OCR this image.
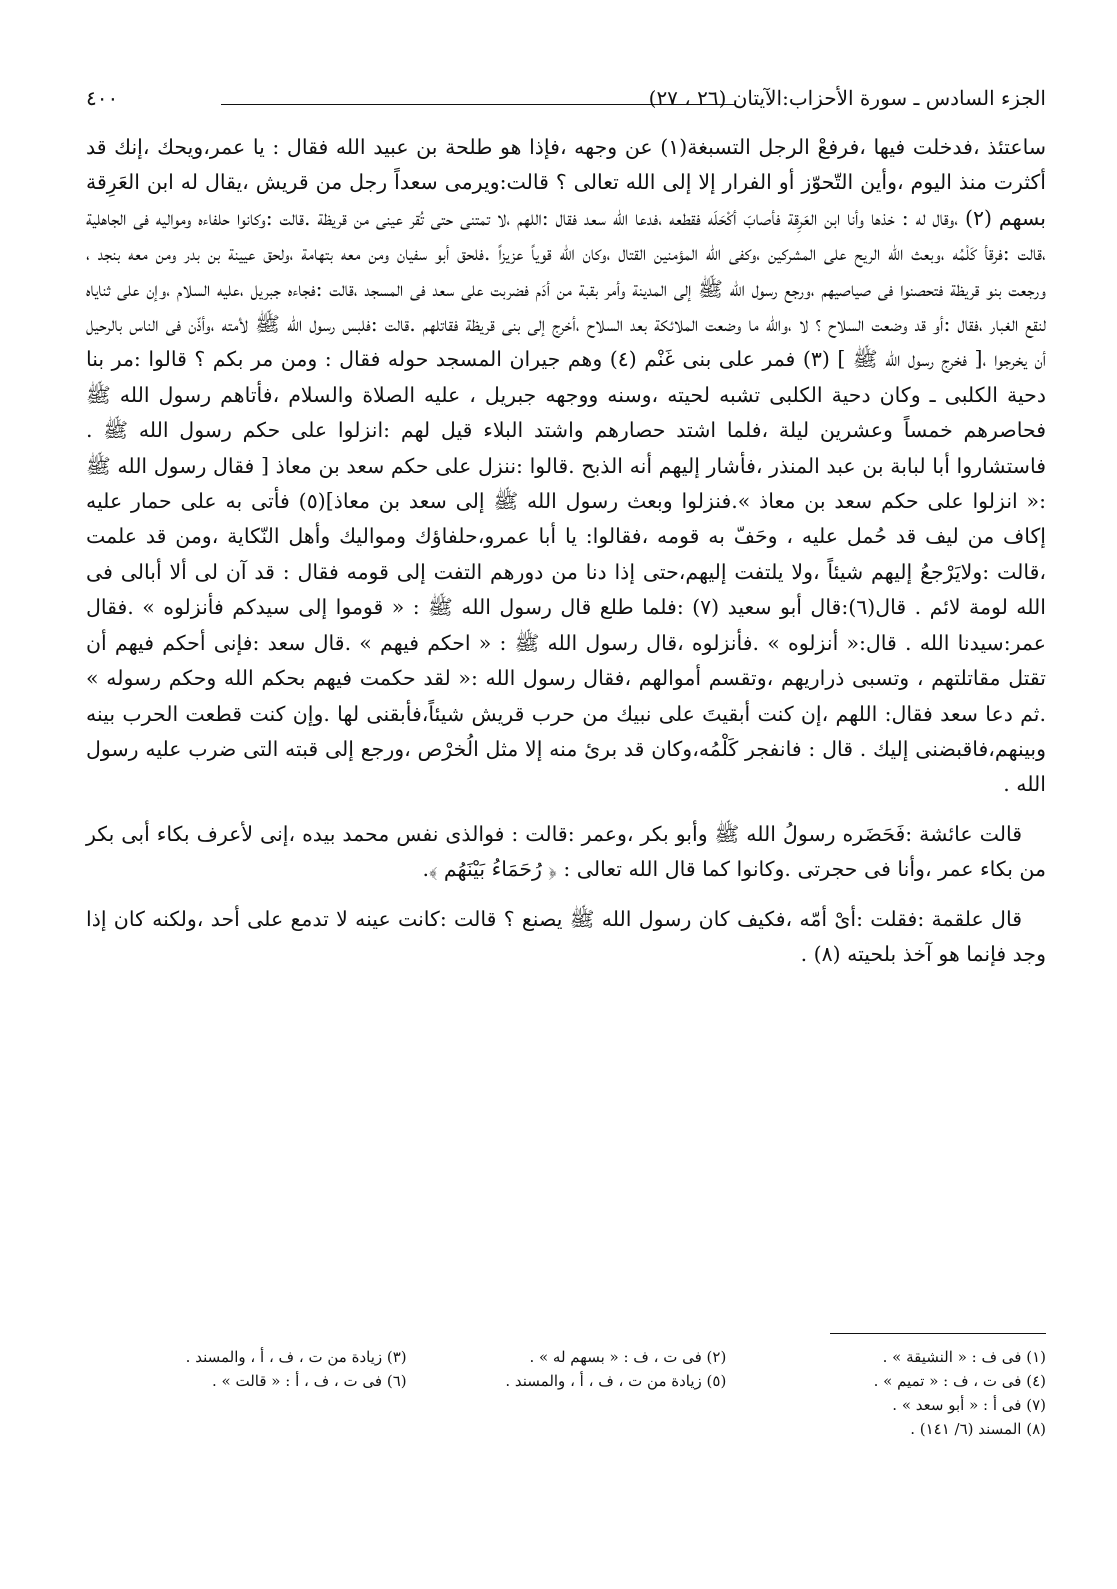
الجزء السادس ـ سورة الأحزاب:الآيتان (٢٦ ، ٢٧)
٤٠٠

ساعتئذ ،فدخلت فيها ،فرفعْ الرجل التسبغة(١) عن وجهه ،فإذا هو طلحة بن عبيد الله فقال : يا عمر،ويحك ،إنك قد أكثرت منذ اليوم ،وأين التّحوّز أو الفرار إلا إلى الله تعالى ؟ قالت:ويرمى سعداً رجل من قريش ،يقال له ابن العَرِقة بسهم (٢) ،وقال له : خذها وأنا ابن العَرِقة فأصابَ أكْحَلَه فقطعه ،فدعا الله سعد فقال :اللهم ،لا تمتنى حتى تُقر عينى من قريظة .قالت :وكانوا حلفاءه ومواليه فى الجاهلية ،قالت :فرقأ كَلْمُه ،وبعث الله الريح على المشركين ،وكفى الله المؤمنين القتال ،وكان الله قوياً عزيزاً .فلحق أبو سفيان ومن معه بتهامة ،ولحق عيينة بن بدر ومن معه بنجد ، ورجعت بنو قريظة فتحصنوا فى صياصيهم ،ورجع رسول الله ﷺ إلى المدينة وأمر بقبة من أدَم فضربت على سعد فى المسجد ،قالت :فجاءه جبريل ،عليه السلام ،وإن على ثناياه لنقع الغبار ،فقال :أو قد وضعت السلاح ؟ لا ،والله ما وضعت الملائكة بعد السلاح ،أخرج إلى بنى قريظة فقاتلهم .قالت :فلبس رسول الله ﷺ لأمته ،وأذّن فى الناس بالرحيل أن يخرجوا ،[ فخرج رسول الله ﷺ ] (٣) فمر على بنى غَنْم (٤) وهم جيران المسجد حوله فقال : ومن مر بكم ؟ قالوا :مر بنا دحية الكلبى ـ وكان دحية الكلبى تشبه لحيته ،وسنه ووجهه جبريل ، عليه الصلاة والسلام ،فأتاهم رسول الله ﷺ فحاصرهم خمساً وعشرين ليلة ،فلما اشتد حصارهم واشتد البلاء قيل لهم :انزلوا على حكم رسول الله ﷺ . فاستشاروا أبا لبابة بن عبد المنذر ،فأشار إليهم أنه الذبح .قالوا :ننزل على حكم سعد بن معاذ [ فقال رسول الله ﷺ :« انزلوا على حكم سعد بن معاذ ».فنزلوا وبعث رسول الله ﷺ إلى سعد بن معاذ](٥) فأتى به على حمار عليه إكاف من ليف قد حُمل عليه ، وحَفّ به قومه ،فقالوا: يا أبا عمرو،حلفاؤك ومواليك وأهل النّكاية ،ومن قد علمت ،قالت :ولايَرْجعُ إليهم شيئاً ،ولا يلتفت إليهم،حتى إذا دنا من دورهم التفت إلى قومه فقال : قد آن لى ألا أبالى فى الله لومة لائم . قال(٦):قال أبو سعيد (٧) :فلما طلع قال رسول الله ﷺ : « قوموا إلى سيدكم فأنزلوه » .فقال عمر:سيدنا الله . قال:« أنزلوه » .فأنزلوه ،قال رسول الله ﷺ : « احكم فيهم » .قال سعد :فإنى أحكم فيهم أن تقتل مقاتلتهم ، وتسبى ذراريهم ،وتقسم أموالهم ،فقال رسول الله :« لقد حكمت فيهم بحكم الله وحكم رسوله » .ثم دعا سعد فقال: اللهم ،إن كنت أبقيتَ على نبيك من حرب قريش شيئاً،فأبقنى لها .وإن كنت قطعت الحرب بينه وبينهم،فاقبضنى إليك . قال : فانفجر كَلْمُه،وكان قد برئ منه إلا مثل الُخرْص ،ورجع إلى قبته التى ضرب عليه رسول الله .

قالت عائشة :فَحَضَره رسولُ الله ﷺ وأبو بكر ،وعمر :قالت : فوالذى نفس محمد بيده ،إنى لأعرف بكاء أبى بكر من بكاء عمر ،وأنا فى حجرتى .وكانوا كما قال الله تعالى : ﴿ رُحَمَاءُ بَيْنَهُم ﴾.

قال علقمة :فقلت :أىْ أمّه ،فكيف كان رسول الله ﷺ يصنع ؟ قالت :كانت عينه لا تدمع على أحد ،ولكنه كان إذا وجد فإنما هو آخذ بلحيته (٨) .

(١) فى ف : « النشيقة » .
(٢) فى ت ، ف : « بسهم له » .
(٣) زيادة من ت ، ف ، أ ، والمسند .
(٤) فى ت ، ف : « تميم » .
(٥) زيادة من ت ، ف ، أ ، والمسند .
(٦) فى ت ، ف ، أ : « قالت » .
(٧) فى أ : « أبو سعد » .
(٨) المسند (٦/ ١٤١) .
